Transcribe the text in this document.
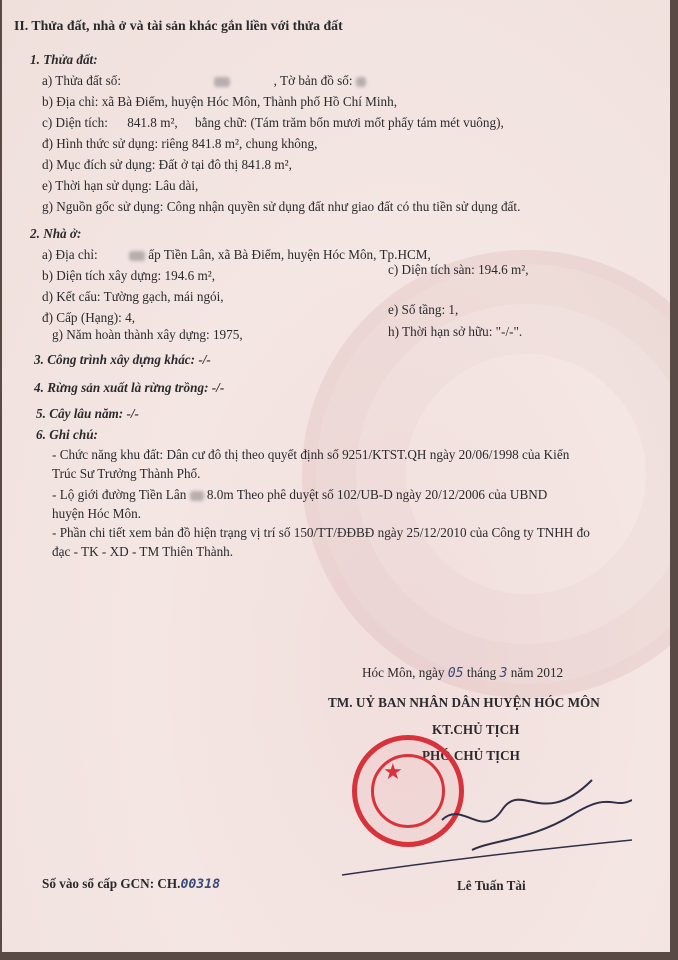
II. Thửa đất, nhà ở và tài sản khác gắn liền với thửa đất
1. Thửa đất:
a) Thửa đất số:	, Tờ bản đồ số:
b) Địa chỉ: xã Bà Điểm, huyện Hóc Môn, Thành phố Hồ Chí Minh,
c) Diện tích: 841.8 m², bằng chữ: (Tám trăm bốn mươi mốt phẩy tám mét vuông),
đ) Hình thức sử dụng: riêng 841.8 m², chung không,
d) Mục đích sử dụng: Đất ở tại đô thị 841.8 m²,
e) Thời hạn sử dụng: Lâu dài,
g) Nguồn gốc sử dụng: Công nhận quyền sử dụng đất như giao đất có thu tiền sử dụng đất.
2. Nhà ở:
a) Địa chỉ:	ấp Tiền Lân, xã Bà Điểm, huyện Hóc Môn, Tp.HCM,
b) Diện tích xây dựng: 194.6 m²,	c) Diện tích sàn: 194.6 m²,
d) Kết cấu: Tường gạch, mái ngói,
đ) Cấp (Hạng): 4,
e) Số tầng: 1,
g) Năm hoàn thành xây dựng: 1975,	h) Thời hạn sở hữu: "-/-".
3. Công trình xây dựng khác: -/-
4. Rừng sản xuất là rừng trồng: -/-
5. Cây lâu năm: -/-
6. Ghi chú:
- Chức năng khu đất: Dân cư đô thị theo quyết định số 9251/KTST.QH ngày 20/06/1998 của Kiến
Trúc Sư Trưởng Thành Phố.
- Lộ giới đường Tiền Lân 8.0m Theo phê duyệt số 102/UB-D ngày 20/12/2006 của UBND
huyện Hóc Môn.
- Phần chi tiết xem bản đồ hiện trạng vị trí số 150/TT/ĐĐBĐ ngày 25/12/2010 của Công ty TNHH đo
đạc - TK - XD - TM Thiên Thành.
Hóc Môn, ngày 05 tháng 3 năm 2012
TM. UỶ BAN NHÂN DÂN HUYỆN HÓC MÔN
KT.CHỦ TỊCH
PHÓ CHỦ TỊCH
★
Số vào sổ cấp GCN: CH.00318	Lê Tuấn Tài
